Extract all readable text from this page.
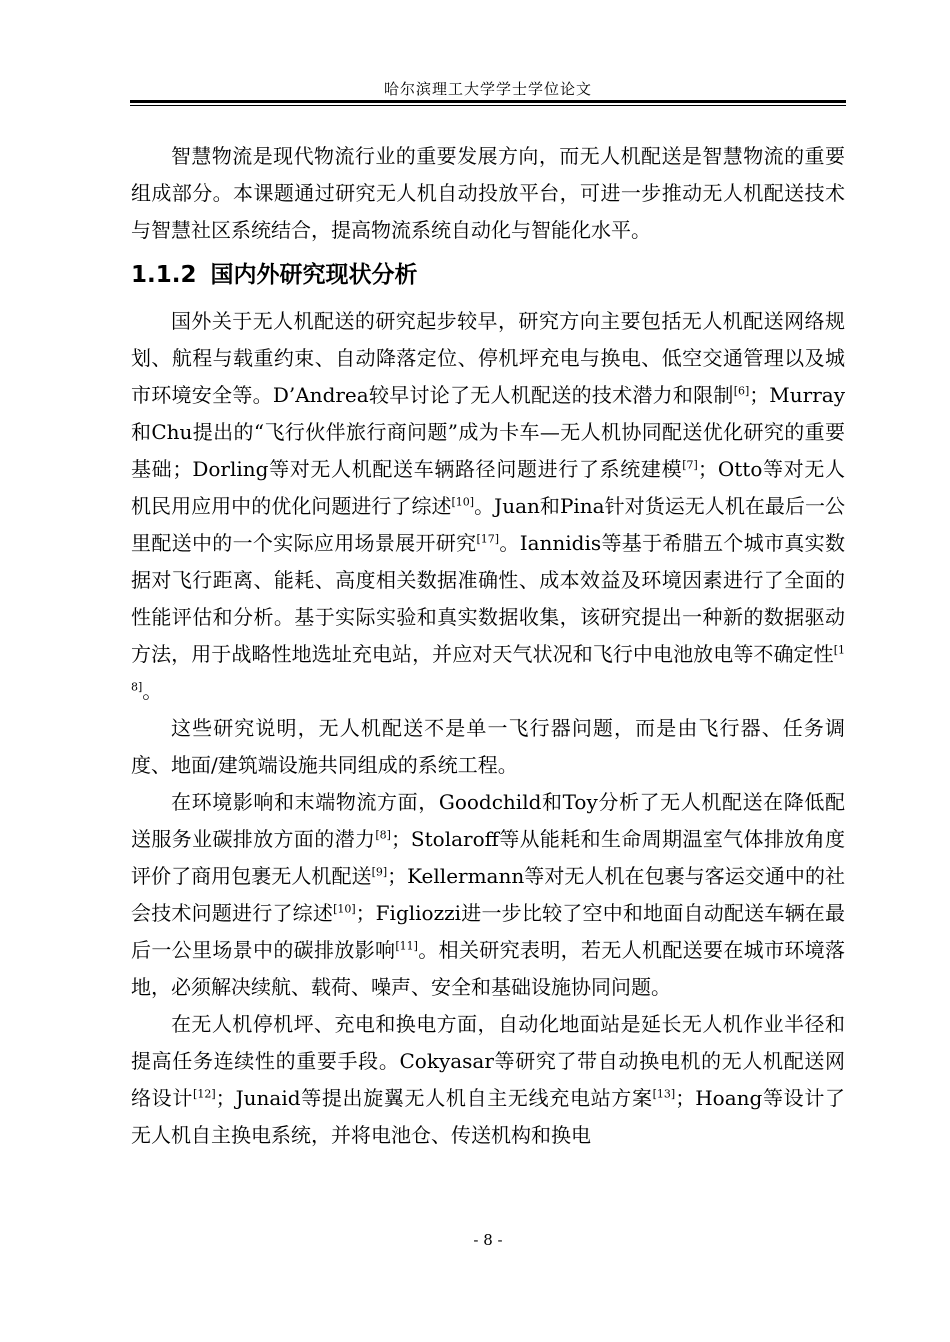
哈尔滨理工大学学士学位论文

智慧物流是现代物流行业的重要发展方向，而无人机配送是智慧物流的重要组成部分。本课题通过研究无人机自动投放平台，可进一步推动无人机配送技术与智慧社区系统结合，提高物流系统自动化与智能化水平。

1.1.2 国内外研究现状分析

国外关于无人机配送的研究起步较早，研究方向主要包括无人机配送网络规划、航程与载重约束、自动降落定位、停机坪充电与换电、低空交通管理以及城市环境安全等。D’Andrea较早讨论了无人机配送的技术潜力和限制[6]；Murray和Chu提出的“飞行伙伴旅行商问题”成为卡车—无人机协同配送优化研究的重要基础；Dorling等对无人机配送车辆路径问题进行了系统建模[7]；Otto等对无人机民用应用中的优化问题进行了综述[10]。Juan和Pina针对货运无人机在最后一公里配送中的一个实际应用场景展开研究[17]。Iannidis等基于希腊五个城市真实数据对飞行距离、能耗、高度相关数据准确性、成本效益及环境因素进行了全面的性能评估和分析。基于实际实验和真实数据收集，该研究提出一种新的数据驱动方法，用于战略性地选址充电站，并应对天气状况和飞行中电池放电等不确定性[18]。

这些研究说明，无人机配送不是单一飞行器问题，而是由飞行器、任务调度、地面/建筑端设施共同组成的系统工程。

在环境影响和末端物流方面，Goodchild和Toy分析了无人机配送在降低配送服务业碳排放方面的潜力[8]；Stolaroff等从能耗和生命周期温室气体排放角度评价了商用包裹无人机配送[9]；Kellermann等对无人机在包裹与客运交通中的社会技术问题进行了综述[10]；Figliozzi进一步比较了空中和地面自动配送车辆在最后一公里场景中的碳排放影响[11]。相关研究表明，若无人机配送要在城市环境落地，必须解决续航、载荷、噪声、安全和基础设施协同问题。

在无人机停机坪、充电和换电方面，自动化地面站是延长无人机作业半径和提高任务连续性的重要手段。Cokyasar等研究了带自动换电机的无人机配送网络设计[12]；Junaid等提出旋翼无人机自主无线充电站方案[13]；Hoang等设计了无人机自主换电系统，并将电池仓、传送机构和换电

- 8 -
